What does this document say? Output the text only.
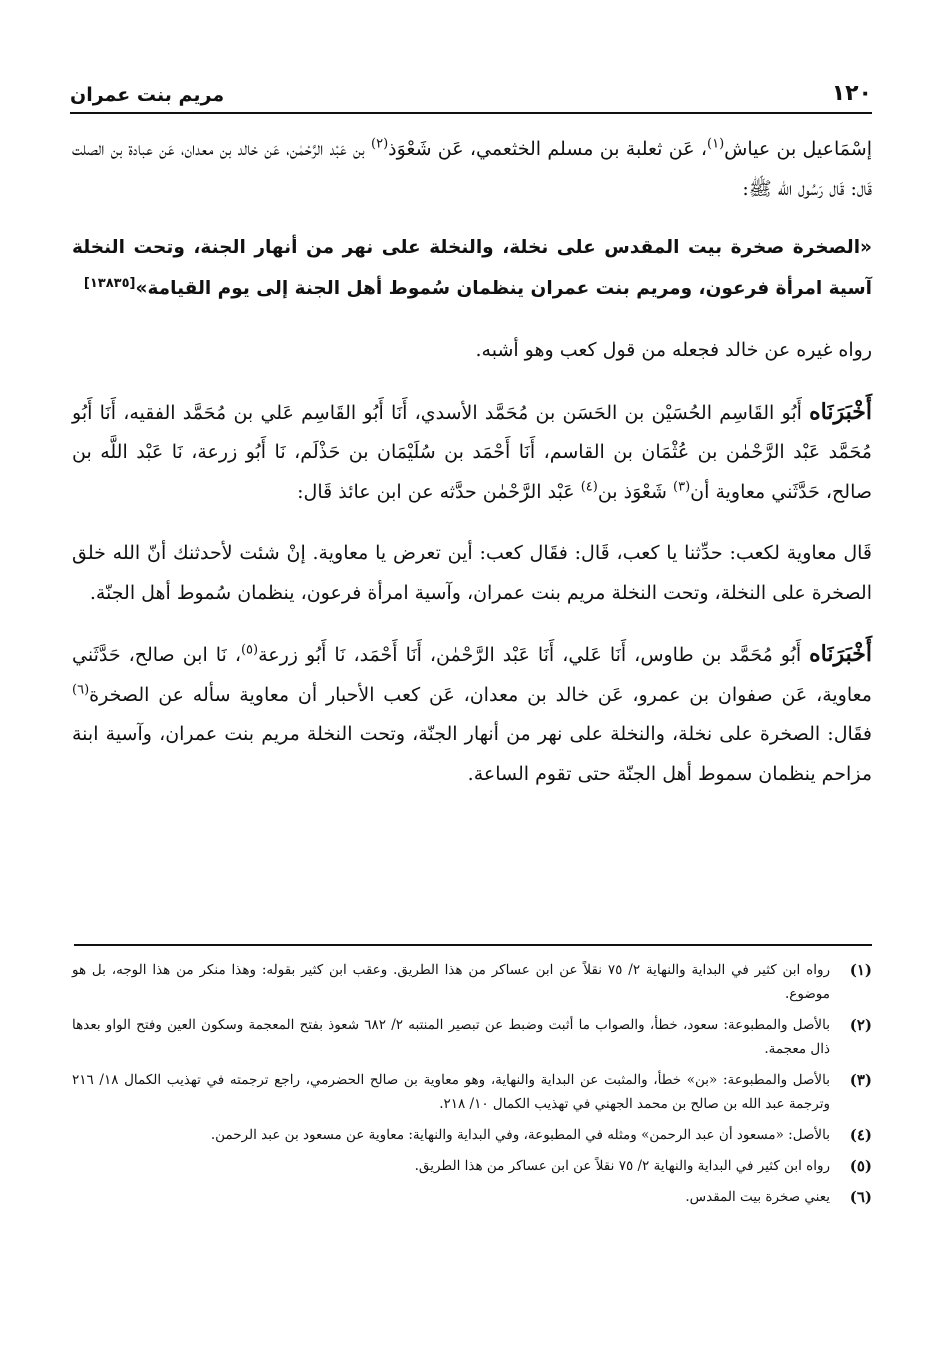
١٢٠
مريم بنت عمران

إسْمَاعيل بن عياش$^{(١)}$، عَن ثعلبة بن مسلم الخثعمي، عَن شَعْوَذ$^{(٢)}$ بن عَبْد الرَّحْمٰن، عَن خالد بن معدان، عَن عبادة بن الصلت قَال: قَال رَسُول الله ﷺ:

«الصخرة صخرة بيت المقدس على نخلة، والنخلة على نهر من أنهار الجنة، وتحت النخلة آسية امرأة فرعون، ومريم بنت عمران ينظمان سُموط أهل الجنة إلى يوم القيامة»[١٣٨٣٥]

رواه غيره عن خالد فجعله من قول كعب وهو أشبه.

أَخْبَرَنَاه أَبُو القَاسِم الحُسَيْن بن الحَسَن بن مُحَمَّد الأسدي، أَنَا أَبُو القَاسِم عَلي بن مُحَمَّد الفقيه، أَنَا أَبُو مُحَمَّد عَبْد الرَّحْمٰن بن عُثْمَان بن القاسم، أَنَا أَحْمَد بن سُلَيْمَان بن حَذْلَم، نَا أَبُو زرعة، نَا عَبْد اللَّه بن صالح، حَدَّثَني معاوية أن$^{(٣)}$ شَعْوَذ بن$^{(٤)}$ عَبْد الرَّحْمٰن حدَّثه عن ابن عائذ قَال:

قَال معاوية لكعب: حدِّثنا يا كعب، قَال: فقَال كعب: أين تعرض يا معاوية. إنْ شئت لأحدثنك أنّ الله خلق الصخرة على النخلة، وتحت النخلة مريم بنت عمران، وآسية امرأة فرعون، ينظمان سُموط أهل الجنّة.

أَخْبَرَنَاه أَبُو مُحَمَّد بن طاوس، أَنَا عَلي، أَنَا عَبْد الرَّحْمٰن، أَنَا أَحْمَد، نَا أَبُو زرعة$^{(٥)}$، نَا ابن صالح، حَدَّثَني معاوية، عَن صفوان بن عمرو، عَن خالد بن معدان، عَن كعب الأحبار أن معاوية سأله عن الصخرة$^{(٦)}$ فقَال: الصخرة على نخلة، والنخلة على نهر من أنهار الجنّة، وتحت النخلة مريم بنت عمران، وآسية ابنة مزاحم ينظمان سموط أهل الجنّة حتى تقوم الساعة.

(١)
رواه ابن كثير في البداية والنهاية ٢/ ٧٥ نقلاً عن ابن عساكر من هذا الطريق. وعقب ابن كثير بقوله: وهذا منكر من هذا الوجه، بل هو موضوع.
(٢)
بالأصل والمطبوعة: سعود، خطأ، والصواب ما أثبت وضبط عن تبصير المنتبه ٢/ ٦٨٢ شعوذ بفتح المعجمة وسكون العين وفتح الواو بعدها ذال معجمة.
(٣)
بالأصل والمطبوعة: «بن» خطأ، والمثبت عن البداية والنهاية، وهو معاوية بن صالح الحضرمي، راجع ترجمته في تهذيب الكمال ١٨/ ٢١٦ وترجمة عبد الله بن صالح بن محمد الجهني في تهذيب الكمال ١٠/ ٢١٨.
(٤)
بالأصل: «مسعود أن عبد الرحمن» ومثله في المطبوعة، وفي البداية والنهاية: معاوية عن مسعود بن عبد الرحمن.
(٥)
رواه ابن كثير في البداية والنهاية ٢/ ٧٥ نقلاً عن ابن عساكر من هذا الطريق.
(٦)
يعني صخرة بيت المقدس.
